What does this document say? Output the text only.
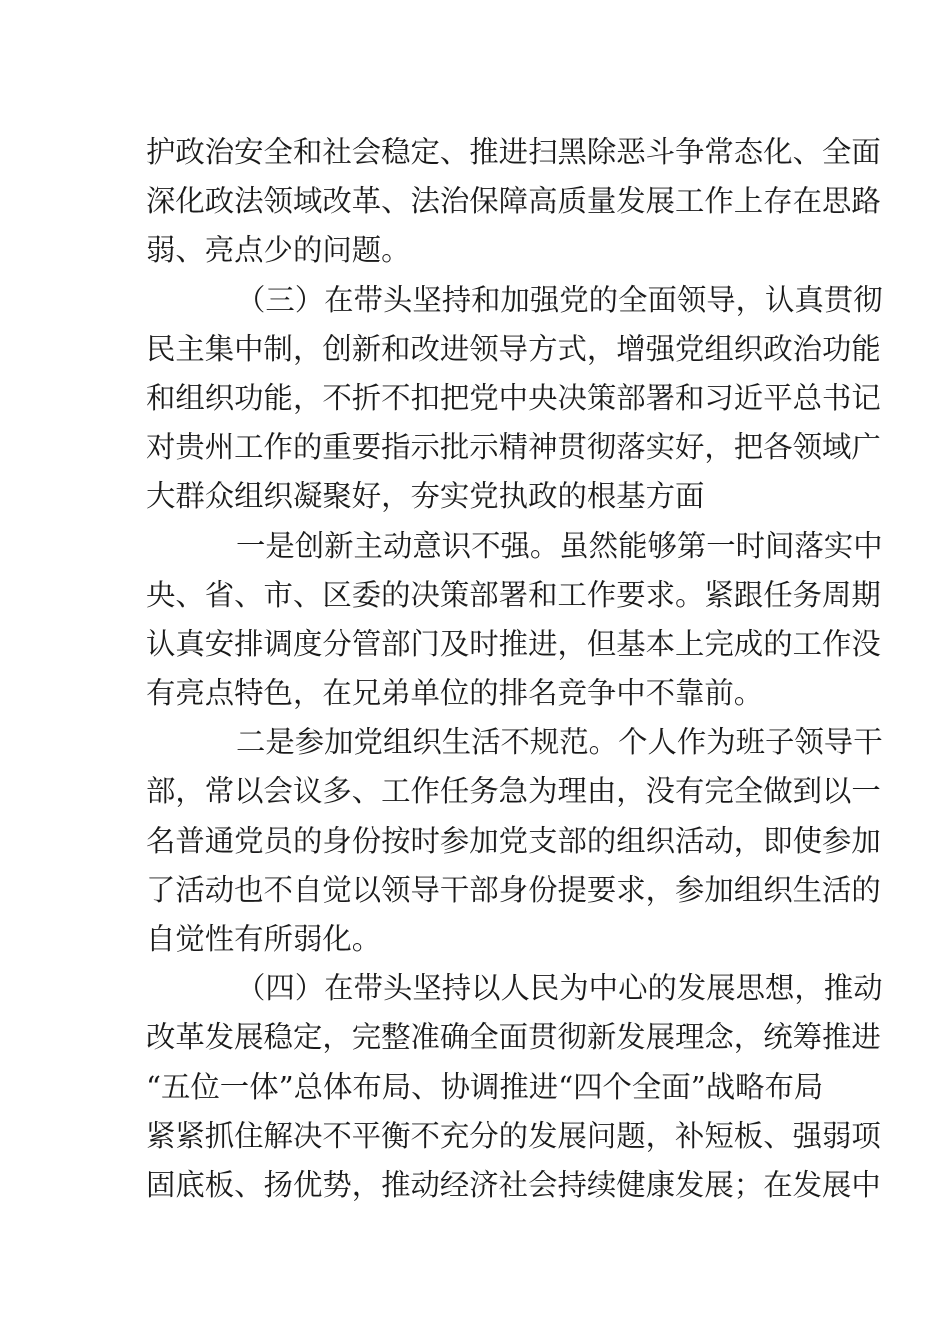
护政治安全和社会稳定、推进扫黑除恶斗争常态化、全面
深化政法领域改革、法治保障高质量发展工作上存在思路
弱、亮点少的问题。
（三）在带头坚持和加强党的全面领导，认真贯彻
民主集中制，创新和改进领导方式，增强党组织政治功能
和组织功能，不折不扣把党中央决策部署和习近平总书记
对贵州工作的重要指示批示精神贯彻落实好，把各领域广
大群众组织凝聚好，夯实党执政的根基方面
一是创新主动意识不强。虽然能够第一时间落实中
央、省、市、区委的决策部署和工作要求。紧跟任务周期
认真安排调度分管部门及时推进，但基本上完成的工作没
有亮点特色，在兄弟单位的排名竞争中不靠前。
二是参加党组织生活不规范。个人作为班子领导干
部，常以会议多、工作任务急为理由，没有完全做到以一
名普通党员的身份按时参加党支部的组织活动，即使参加
了活动也不自觉以领导干部身份提要求，参加组织生活的
自觉性有所弱化。
（四）在带头坚持以人民为中心的发展思想，推动
改革发展稳定，完整准确全面贯彻新发展理念，统筹推进
“五位一体”总体布局、协调推进“四个全面”战略布局
紧紧抓住解决不平衡不充分的发展问题，补短板、强弱项
固底板、扬优势，推动经济社会持续健康发展；在发展中
